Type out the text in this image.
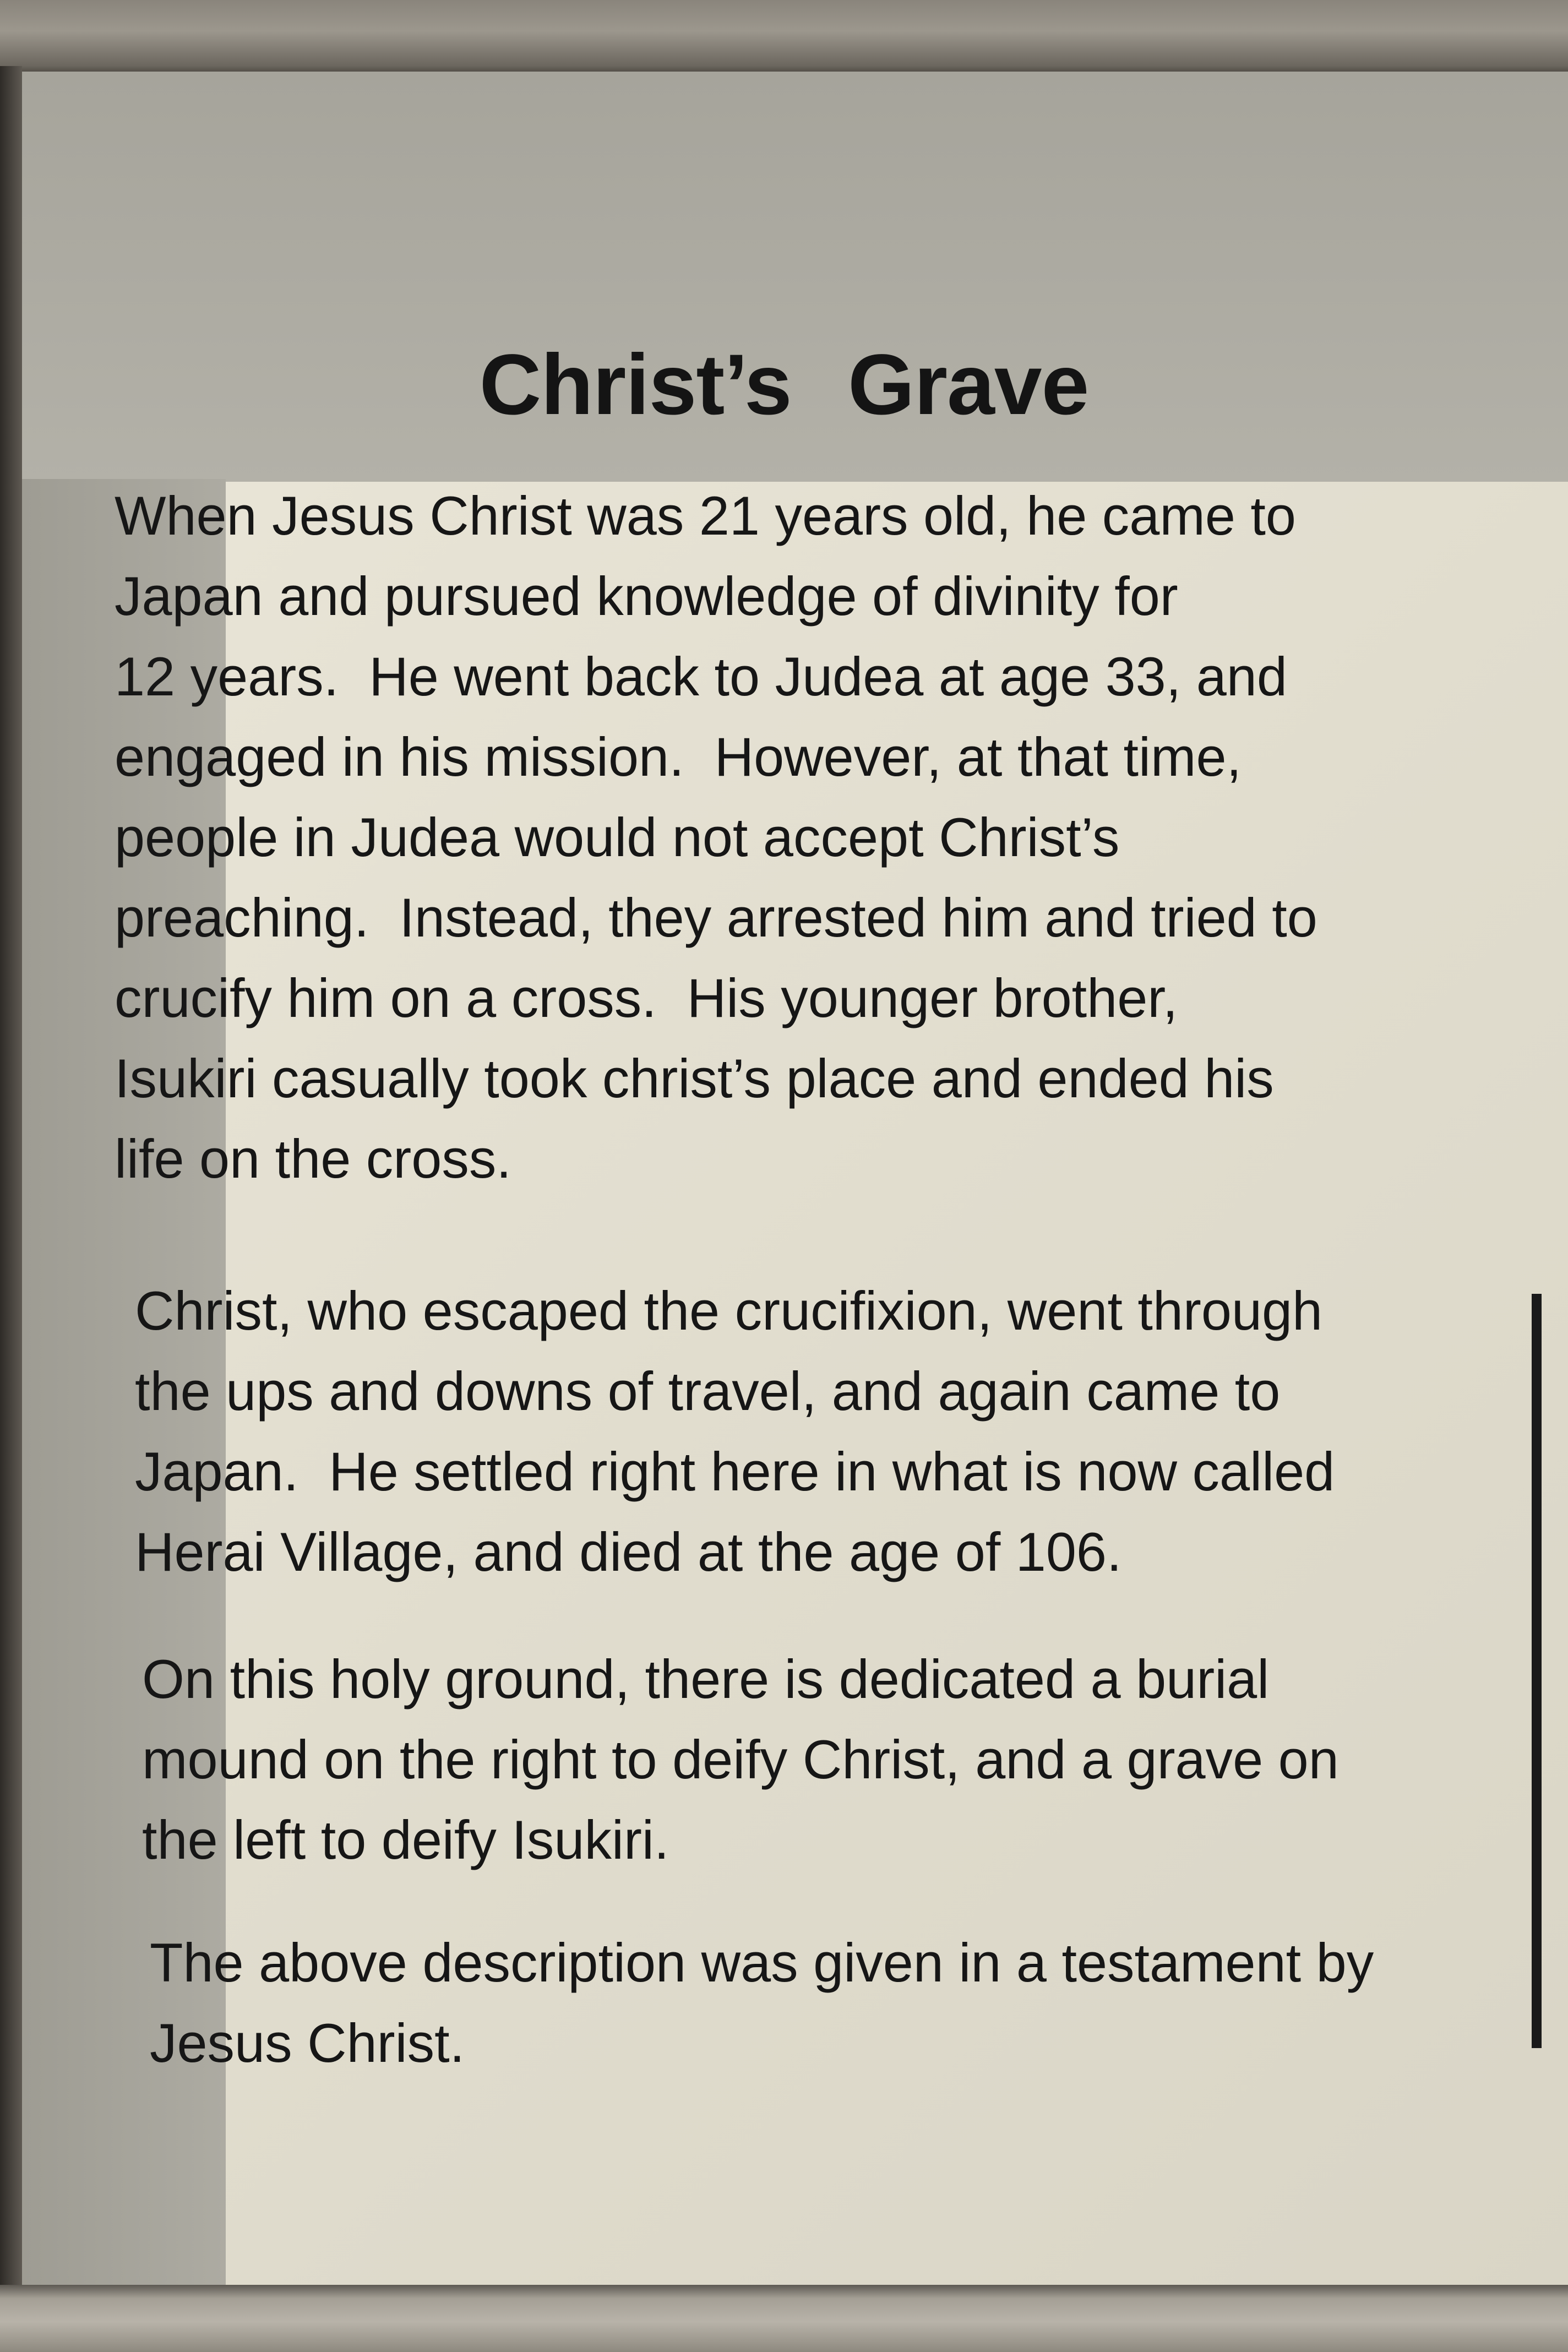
Christ’s Grave

When Jesus Christ was 21 years old, he came to
Japan and pursued knowledge of divinity for
12 years.  He went back to Judea at age 33, and
engaged in his mission.  However, at that time,
people in Judea would not accept Christ’s
preaching.  Instead, they arrested him and tried to
crucify him on a cross.  His younger brother,
Isukiri casually took christ’s place and ended his
life on the cross.

Christ, who escaped the crucifixion, went through
the ups and downs of travel, and again came to
Japan.  He settled right here in what is now called
Herai Village, and died at the age of 106.

On this holy ground, there is dedicated a burial
mound on the right to deify Christ, and a grave on
the left to deify Isukiri.

The above description was given in a testament by
Jesus Christ.
